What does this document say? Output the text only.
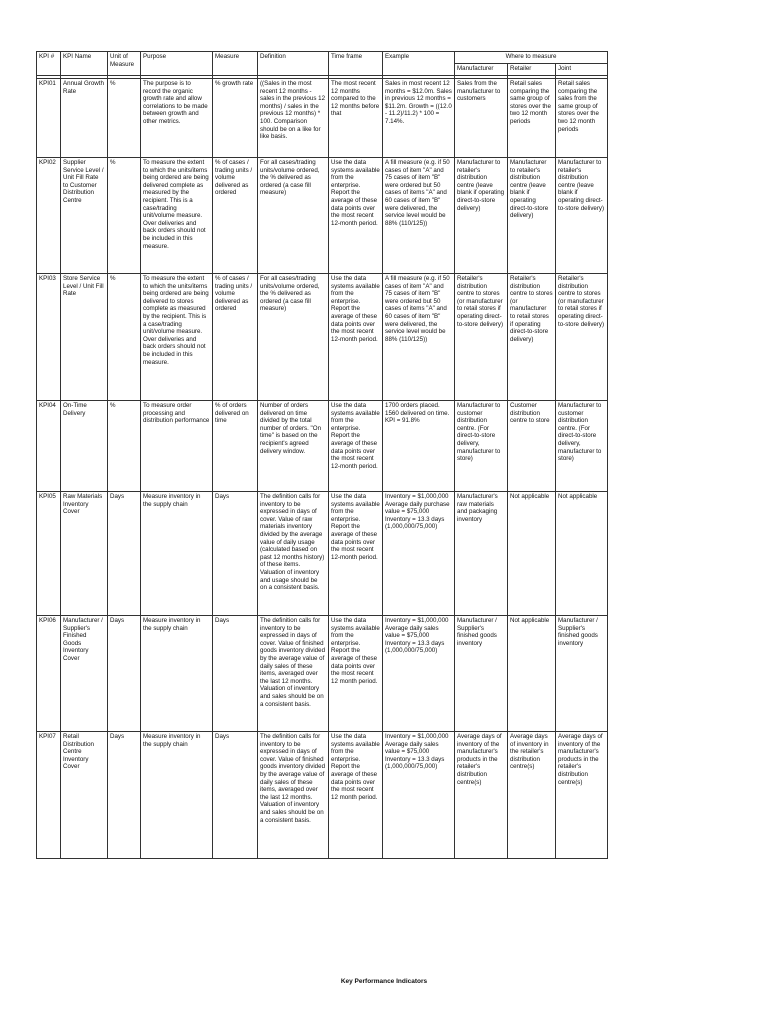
KPI #	KPI Name	Unit of Measure	Purpose	Measure	Definition	Time frame	Example	Where to measure		
								Manufacturer	Retailer	Joint

KPI01	Annual Growth Rate	%	The purpose is to record the organic growth rate and allow correlations to be made between growth and other metrics.	% growth rate	((Sales in the most recent 12 months - sales in the previous 12 months) / sales in the previous 12 months) * 100. Comparison should be on a like for like basis.	The most recent 12 months compared to the 12 months before that	Sales in most recent 12 months = $12.0m. Sales in previous 12 months = $11.2m. Growth = ((12.0 - 11.2)/11.2) * 100 = 7.14%.	Sales from the manufacturer to customers	Retail sales comparing the same group of stores over the two 12 month periods	Retail sales comparing the sales from the same group of stores over the two 12 month periods
KPI02	Supplier Service Level / Unit Fill Rate to Customer Distribution Centre	%	To measure the extent to which the units/items being ordered are being delivered complete as measured by the recipient. This is a case/trading unit/volume measure. Over deliveries and back orders should not be included in this measure.	% of cases / trading units / volume delivered as ordered	For all cases/trading units/volume ordered, the % delivered as ordered (a case fill measure)	Use the data systems available from the enterprise. Report the average of these data points over the most recent 12-month period.	A fill measure (e.g. if 50 cases of item "A" and 75 cases of item "B" were ordered but 50 cases of items "A" and 60 cases of item "B" were delivered, the service level would be 88% (110/125))	Manufacturer to retailer's distribution centre (leave blank if operating direct-to-store delivery)	Manufacturer to retailer's distribution centre (leave blank if operating direct-to-store delivery)	Manufacturer to retailer's distribution centre (leave blank if operating direct-to-store delivery)
KPI03	Store Service Level / Unit Fill Rate	%	To measure the extent to which the units/items being ordered are being delivered to stores complete as measured by the recipient. This is a case/trading unit/volume measure. Over deliveries and back orders should not be included in this measure.	% of cases / trading units / volume delivered as ordered	For all cases/trading units/volume ordered, the % delivered as ordered (a case fill measure)	Use the data systems available from the enterprise. Report the average of these data points over the most recent 12-month period.	A fill measure (e.g. if 50 cases of item "A" and 75 cases of item "B" were ordered but 50 cases of items "A" and 60 cases of item "B" were delivered, the service level would be 88% (110/125))	Retailer's distribution centre to stores (or manufacturer to retail stores if operating direct-to-store delivery)	Retailer's distribution centre to stores (or manufacturer to retail stores if operating direct-to-store delivery)	Retailer's distribution centre to stores (or manufacturer to retail stores if operating direct-to-store delivery)
KPI04	On-Time Delivery	%	To measure order processing and distribution performance	% of orders delivered on time	Number of orders delivered on time divided by the total number of orders. "On time" is based on the recipient's agreed delivery window.	Use the data systems available from the enterprise. Report the average of these data points over the most recent 12-month period.	1700 orders placed. 1560 delivered on time. KPI = 91.8%	Manufacturer to customer distribution centre. (For direct-to-store delivery, manufacturer to store)	Customer distribution centre to store	Manufacturer to customer distribution centre. (For direct-to-store delivery, manufacturer to store)
KPI05	Raw Materials Inventory Cover	Days	Measure inventory in the supply chain	Days	The definition calls for inventory to be expressed in days of cover. Value of raw materials inventory divided by the average value of daily usage (calculated based on past 12 months history) of these items. Valuation of inventory and usage should be on a consistent basis.	Use the data systems available from the enterprise. Report the average of these data points over the most recent 12-month period.	Inventory = $1,000,000 Average daily purchase value = $75,000 Inventory = 13.3 days (1,000,000/75,000)	Manufacturer's raw materials and packaging inventory	Not applicable	Not applicable
KPI06	Manufacturer / Supplier's Finished Goods Inventory Cover	Days	Measure inventory in the supply chain	Days	The definition calls for inventory to be expressed in days of cover. Value of finished goods inventory divided by the average value of daily sales of these items, averaged over the last 12 months. Valuation of inventory and sales should be on a consistent basis.	Use the data systems available from the enterprise. Report the average of these data points over the most recent 12 month period.	Inventory = $1,000,000 Average daily sales value = $75,000 Inventory = 13.3 days (1,000,000/75,000)	Manufacturer / Supplier's finished goods inventory	Not applicable	Manufacturer / Supplier's finished goods inventory
KPI07	Retail Distribution Centre Inventory Cover	Days	Measure inventory in the supply chain	Days	The definition calls for inventory to be expressed in days of cover. Value of finished goods inventory divided by the average value of daily sales of these items, averaged over the last 12 months. Valuation of inventory and sales should be on a consistent basis.	Use the data systems available from the enterprise. Report the average of these data points over the most recent 12 month period.	Inventory = $1,000,000 Average daily sales value = $75,000 Inventory = 13.3 days (1,000,000/75,000)	Average days of inventory of the manufacturer's products in the retailer's distribution centre(s)	Average days of inventory in the retailer's distribution centre(s)	Average days of inventory of the manufacturer's products in the retailer's distribution centre(s)
Key Performance Indicators
